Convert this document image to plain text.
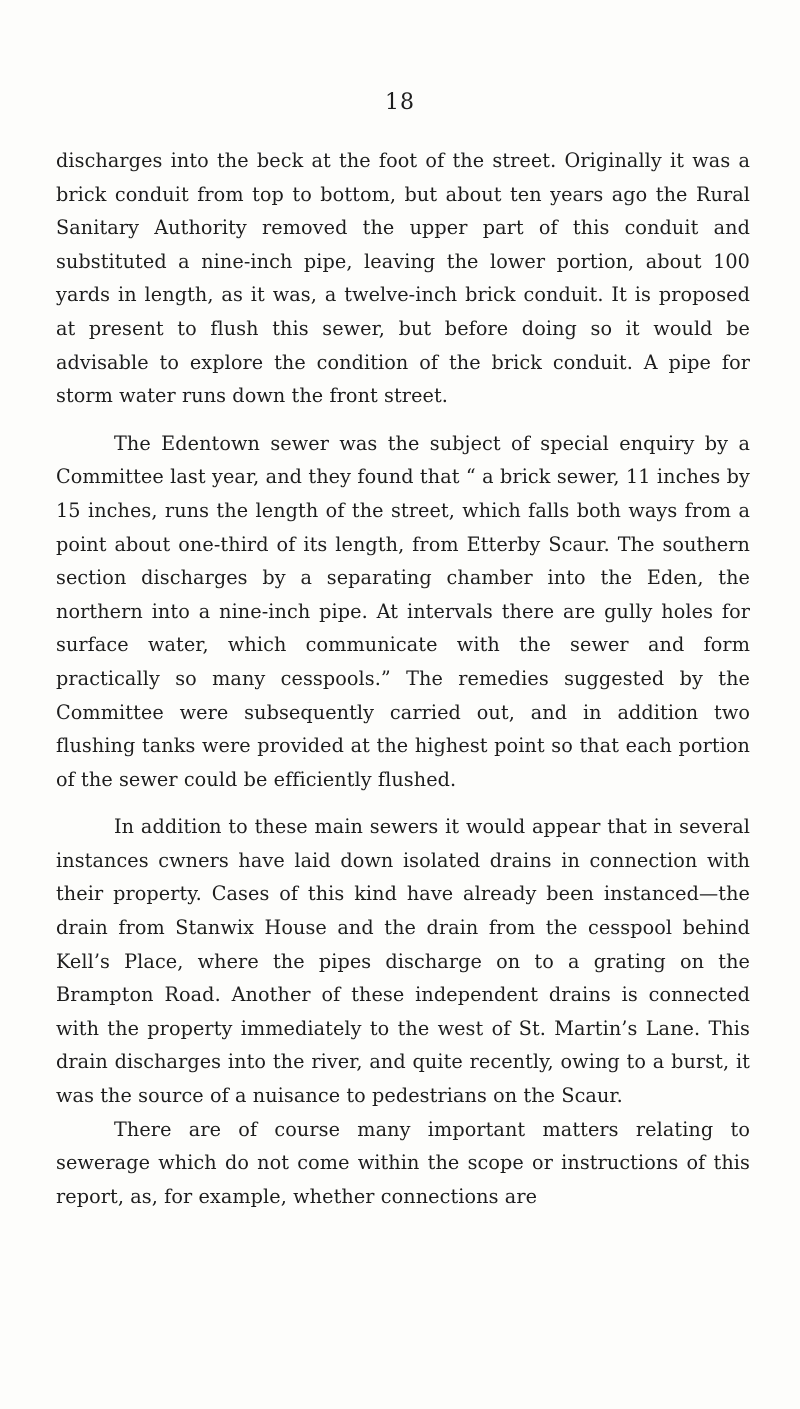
18

discharges into the beck at the foot of the street. Originally it was a brick conduit from top to bottom, but about ten years ago the Rural Sanitary Authority removed the upper part of this conduit and substituted a nine-inch pipe, leaving the lower portion, about 100 yards in length, as it was, a twelve-inch brick conduit. It is proposed at present to flush this sewer, but before doing so it would be advisable to explore the condition of the brick conduit. A pipe for storm water runs down the front street.

The Edentown sewer was the subject of special enquiry by a Committee last year, and they found that “ a brick sewer, 11 inches by 15 inches, runs the length of the street, which falls both ways from a point about one-third of its length, from Etterby Scaur. The southern section discharges by a separating chamber into the Eden, the northern into a nine-inch pipe. At intervals there are gully holes for surface water, which communicate with the sewer and form practically so many cesspools.” The remedies suggested by the Committee were subsequently carried out, and in addition two flushing tanks were provided at the highest point so that each portion of the sewer could be efficiently flushed.

In addition to these main sewers it would appear that in several instances cwners have laid down isolated drains in connection with their property. Cases of this kind have already been instanced—the drain from Stanwix House and the drain from the cesspool behind Kell’s Place, where the pipes discharge on to a grating on the Brampton Road. Another of these independent drains is connected with the property immediately to the west of St. Martin’s Lane. This drain discharges into the river, and quite recently, owing to a burst, it was the source of a nuisance to pedestrians on the Scaur.

There are of course many important matters relating to sewerage which do not come within the scope or instructions of this report, as, for example, whether connections are
